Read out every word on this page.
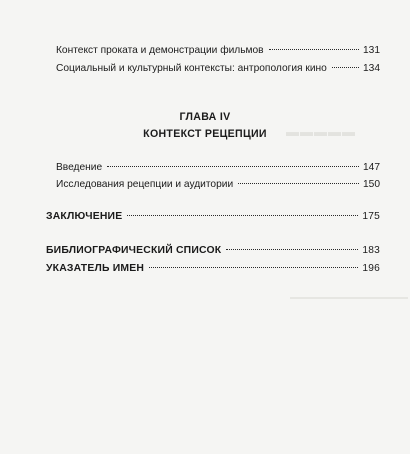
▬▬▬▬▬
Контекст проката и демонстрации фильмов	131
Социальный и культурный контексты: антропология кино	134
ГЛАВА IV
КОНТЕКСТ РЕЦЕПЦИИ
Введение	147
Исследования рецепции и аудитории	150
ЗАКЛЮЧЕНИЕ	175
БИБЛИОГРАФИЧЕСКИЙ СПИСОК	183
УКАЗАТЕЛЬ ИМЕН	196
